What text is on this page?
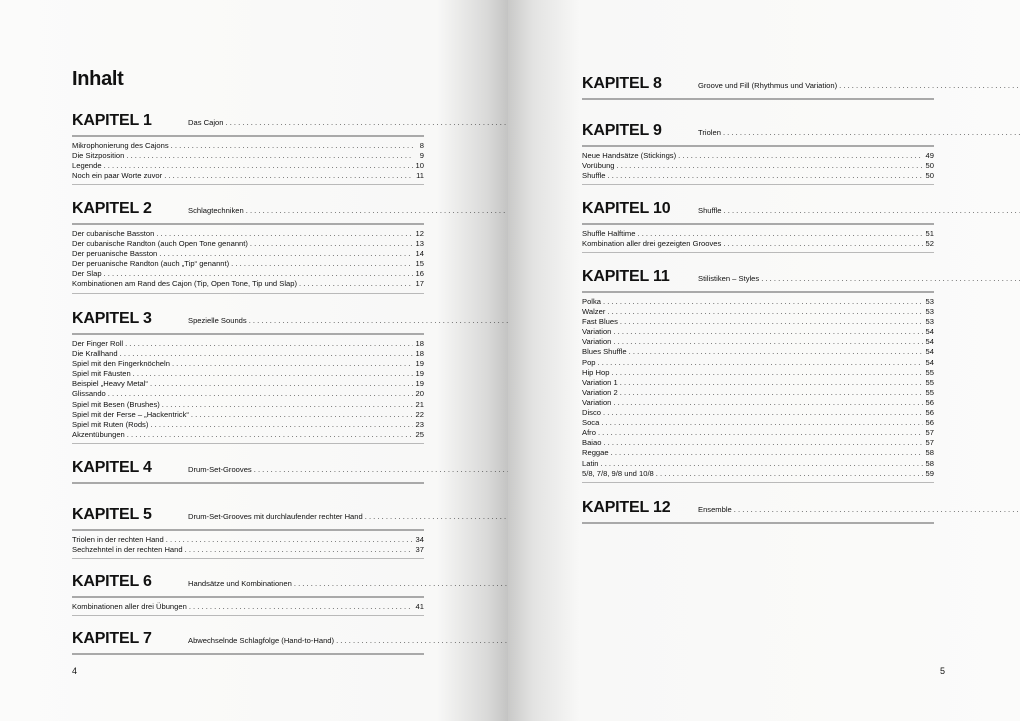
Inhalt
KAPITEL 1	Das Cajon
. . .
Mikrophonierung des Cajons . . .	8
Die Sitzposition . . .	9
Legende . . .	10
Noch ein paar Worte zuvor . . .	11
KAPITEL 2	Schlagtechniken
. . .
Der cubanische Basston . . .	12
Der cubanische Randton (auch Open Tone genannt) . . .	13
Der peruanische Basston . . .	14
Der peruanische Randton (auch „Tip“ genannt) . . .	15
Der Slap . . .	16
Kombinationen am Rand des Cajon (Tip, Open Tone, Tip und Slap) . . .	17
KAPITEL 3	Spezielle Sounds
. . .
Der Finger Roll . . .	18
Die Krallhand . . .	18
Spiel mit den Fingerknöcheln . . .	19
Spiel mit Fäusten . . .	19
Beispiel „Heavy Metal“ . . .	19
Glissando . . .	20
Spiel mit Besen (Brushes) . . .	21
Spiel mit der Ferse – „Hackentrick“ . . .	22
Spiel mit Ruten (Rods) . . .	23
Akzentübungen . . .	25
KAPITEL 4	Drum-Set-Grooves
. . .
KAPITEL 5	Drum-Set-Grooves mit durchlaufender rechter Hand
. . .
Triolen in der rechten Hand . . .	34
Sechzehntel in der rechten Hand . . .	37
KAPITEL 6	Handsätze und Kombinationen
. . .
Kombinationen aller drei Übungen . . .	41
KAPITEL 7	Abwechselnde Schlagfolge (Hand-to-Hand)
. . .
4
KAPITEL 8	Groove und Fill (Rhythmus und Variation)
. . .
KAPITEL 9	Triolen
. . .
Neue Handsätze (Stickings) . . .	49
Vorübung . . .	50
Shuffle . . .	50
KAPITEL 10	Shuffle
. . .
Shuffle Halftime . . .	51
Kombination aller drei gezeigten Grooves . . .	52
KAPITEL 11	Stilistiken – Styles
. . .
Polka . . .	53
Walzer . . .	53
Fast Blues . . .	53
Variation . . .	54
Variation . . .	54
Blues Shuffle . . .	54
Pop . . .	54
Hip Hop . . .	55
Variation 1 . . .	55
Variation 2 . . .	55
Variation . . .	56
Disco . . .	56
Soca . . .	56
Afro . . .	57
Baiao . . .	57
Reggae . . .	58
Latin . . .	58
5/8, 7/8, 9/8 und 10/8 . . .	59
KAPITEL 12	Ensemble
. . .
5
